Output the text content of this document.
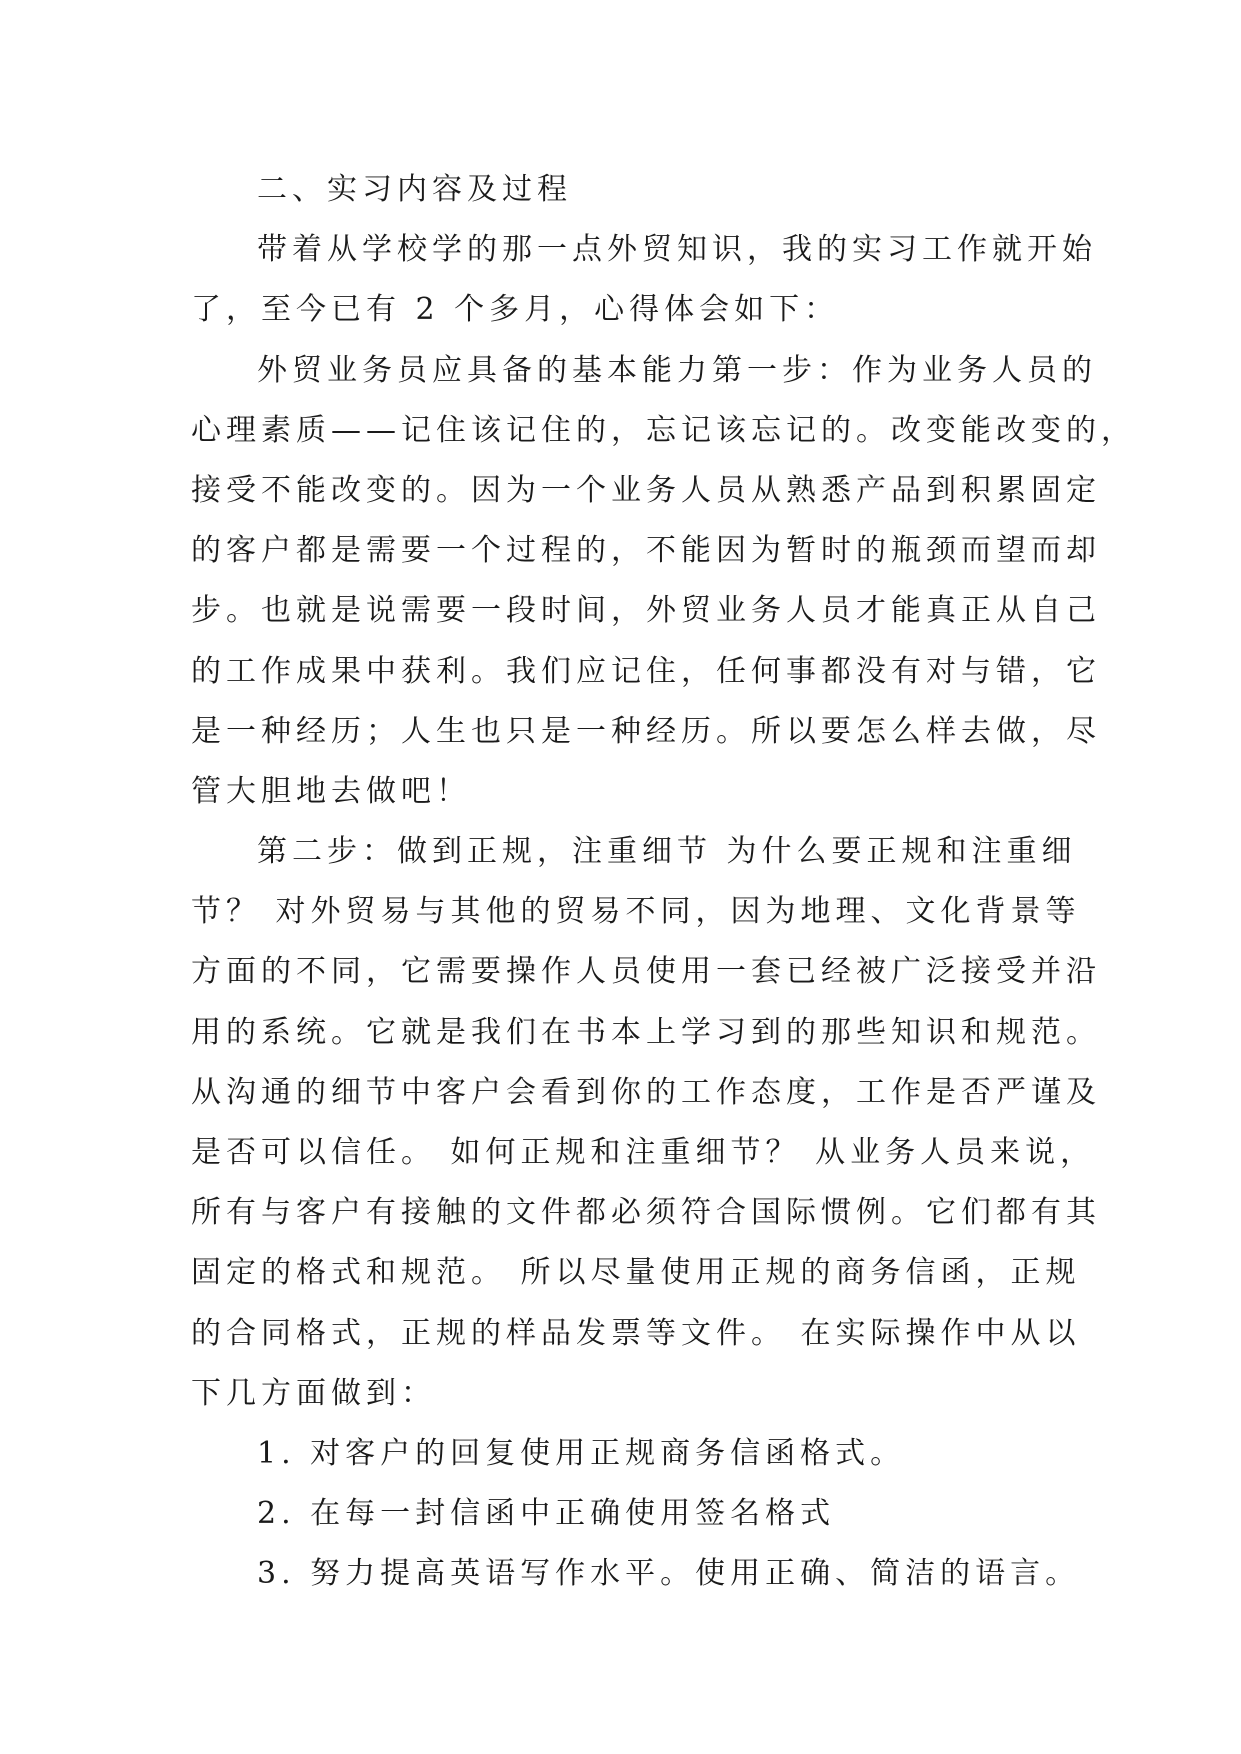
二、实习内容及过程
带着从学校学的那一点外贸知识，我的实习工作就开始
了，至今已有 2 个多月，心得体会如下：
外贸业务员应具备的基本能力第一步：作为业务人员的
心理素质——记住该记住的，忘记该忘记的。改变能改变的，
接受不能改变的。因为一个业务人员从熟悉产品到积累固定
的客户都是需要一个过程的，不能因为暂时的瓶颈而望而却
步。也就是说需要一段时间，外贸业务人员才能真正从自己
的工作成果中获利。我们应记住，任何事都没有对与错，它
是一种经历；人生也只是一种经历。所以要怎么样去做，尽
管大胆地去做吧！
第二步：做到正规，注重细节 为什么要正规和注重细
节？ 对外贸易与其他的贸易不同，因为地理、文化背景等
方面的不同，它需要操作人员使用一套已经被广泛接受并沿
用的系统。它就是我们在书本上学习到的那些知识和规范。
从沟通的细节中客户会看到你的工作态度，工作是否严谨及
是否可以信任。 如何正规和注重细节？ 从业务人员来说，
所有与客户有接触的文件都必须符合国际惯例。它们都有其
固定的格式和规范。 所以尽量使用正规的商务信函，正规
的合同格式，正规的样品发票等文件。 在实际操作中从以
下几方面做到：
1. 对客户的回复使用正规商务信函格式。
2. 在每一封信函中正确使用签名格式
3. 努力提高英语写作水平。使用正确、简洁的语言。
